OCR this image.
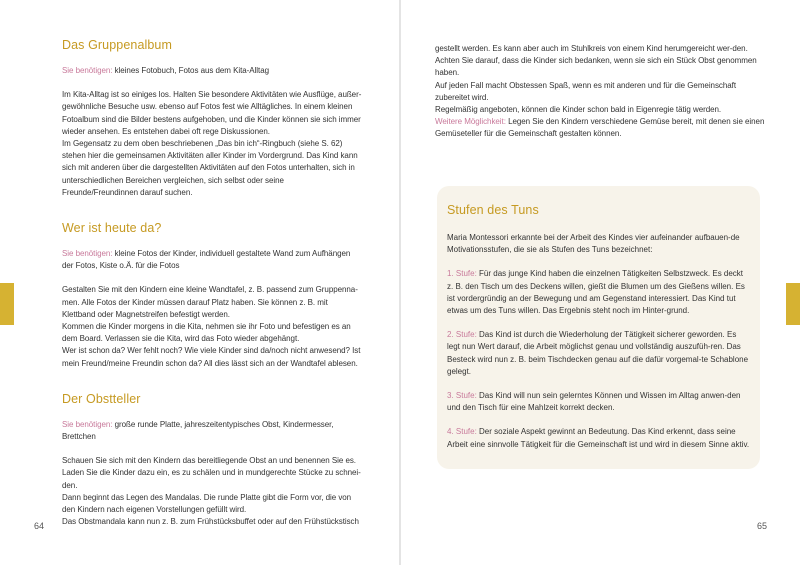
Das Gruppenalbum

Sie benötigen: kleines Fotobuch, Fotos aus dem Kita-Alltag

Im Kita-Alltag ist so einiges los. Halten Sie besondere Aktivitäten wie Ausflüge, außer-gewöhnliche Besuche usw. ebenso auf Fotos fest wie Alltägliches. In einem kleinen Fotoalbum sind die Bilder bestens aufgehoben, und die Kinder können sie sich immer wieder ansehen. Es entstehen dabei oft rege Diskussionen.

Im Gegensatz zu dem oben beschriebenen „Das bin ich“-Ringbuch (siehe S. 62) stehen hier die gemeinsamen Aktivitäten aller Kinder im Vordergrund. Das Kind kann sich mit anderen über die dargestellten Aktivitäten auf den Fotos unterhalten, sich in unterschiedlichen Bereichen vergleichen, sich selbst oder seine Freunde/Freundinnen darauf suchen.

Wer ist heute da?

Sie benötigen: kleine Fotos der Kinder, individuell gestaltete Wand zum Aufhängen der Fotos, Kiste o.Ä. für die Fotos

Gestalten Sie mit den Kindern eine kleine Wandtafel, z. B. passend zum Gruppenna-men. Alle Fotos der Kinder müssen darauf Platz haben. Sie können z. B. mit Klettband oder Magnetstreifen befestigt werden.

Kommen die Kinder morgens in die Kita, nehmen sie ihr Foto und befestigen es an dem Board. Verlassen sie die Kita, wird das Foto wieder abgehängt.

Wer ist schon da? Wer fehlt noch? Wie viele Kinder sind da/noch nicht anwesend? Ist mein Freund/meine Freundin schon da? All dies lässt sich an der Wandtafel ablesen.

Der Obstteller

Sie benötigen: große runde Platte, jahreszeitentypisches Obst, Kindermesser, Brettchen

Schauen Sie sich mit den Kindern das bereitliegende Obst an und benennen Sie es. Laden Sie die Kinder dazu ein, es zu schälen und in mundgerechte Stücke zu schnei-den.

Dann beginnt das Legen des Mandalas. Die runde Platte gibt die Form vor, die von den Kindern nach eigenen Vorstellungen gefüllt wird.

Das Obstmandala kann nun z. B. zum Frühstücksbuffet oder auf den Frühstückstisch

64

gestellt werden. Es kann aber auch im Stuhlkreis von einem Kind herumgereicht wer-den. Achten Sie darauf, dass die Kinder sich bedanken, wenn sie sich ein Stück Obst genommen haben.

Auf jeden Fall macht Obstessen Spaß, wenn es mit anderen und für die Gemeinschaft zubereitet wird.

Regelmäßig angeboten, können die Kinder schon bald in Eigenregie tätig werden.

Weitere Möglichkeit: Legen Sie den Kindern verschiedene Gemüse bereit, mit denen sie einen Gemüseteller für die Gemeinschaft gestalten können.

Stufen des Tuns

Maria Montessori erkannte bei der Arbeit des Kindes vier aufeinander aufbauen-de Motivationsstufen, die sie als Stufen des Tuns bezeichnet:

1. Stufe: Für das junge Kind haben die einzelnen Tätigkeiten Selbstzweck. Es deckt z. B. den Tisch um des Deckens willen, gießt die Blumen um des Gießens willen. Es ist vordergründig an der Bewegung und am Gegenstand interessiert. Das Kind tut etwas um des Tuns willen. Das Ergebnis steht noch im Hinter-grund.

2. Stufe: Das Kind ist durch die Wiederholung der Tätigkeit sicherer geworden. Es legt nun Wert darauf, die Arbeit möglichst genau und vollständig auszufüh-ren. Das Besteck wird nun z. B. beim Tischdecken genau auf die dafür vorgemal-te Schablone gelegt.

3. Stufe: Das Kind will nun sein gelerntes Können und Wissen im Alltag anwen-den und den Tisch für eine Mahlzeit korrekt decken.

4. Stufe: Der soziale Aspekt gewinnt an Bedeutung. Das Kind erkennt, dass seine Arbeit eine sinnvolle Tätigkeit für die Gemeinschaft ist und wird in diesem Sinne aktiv.

65
